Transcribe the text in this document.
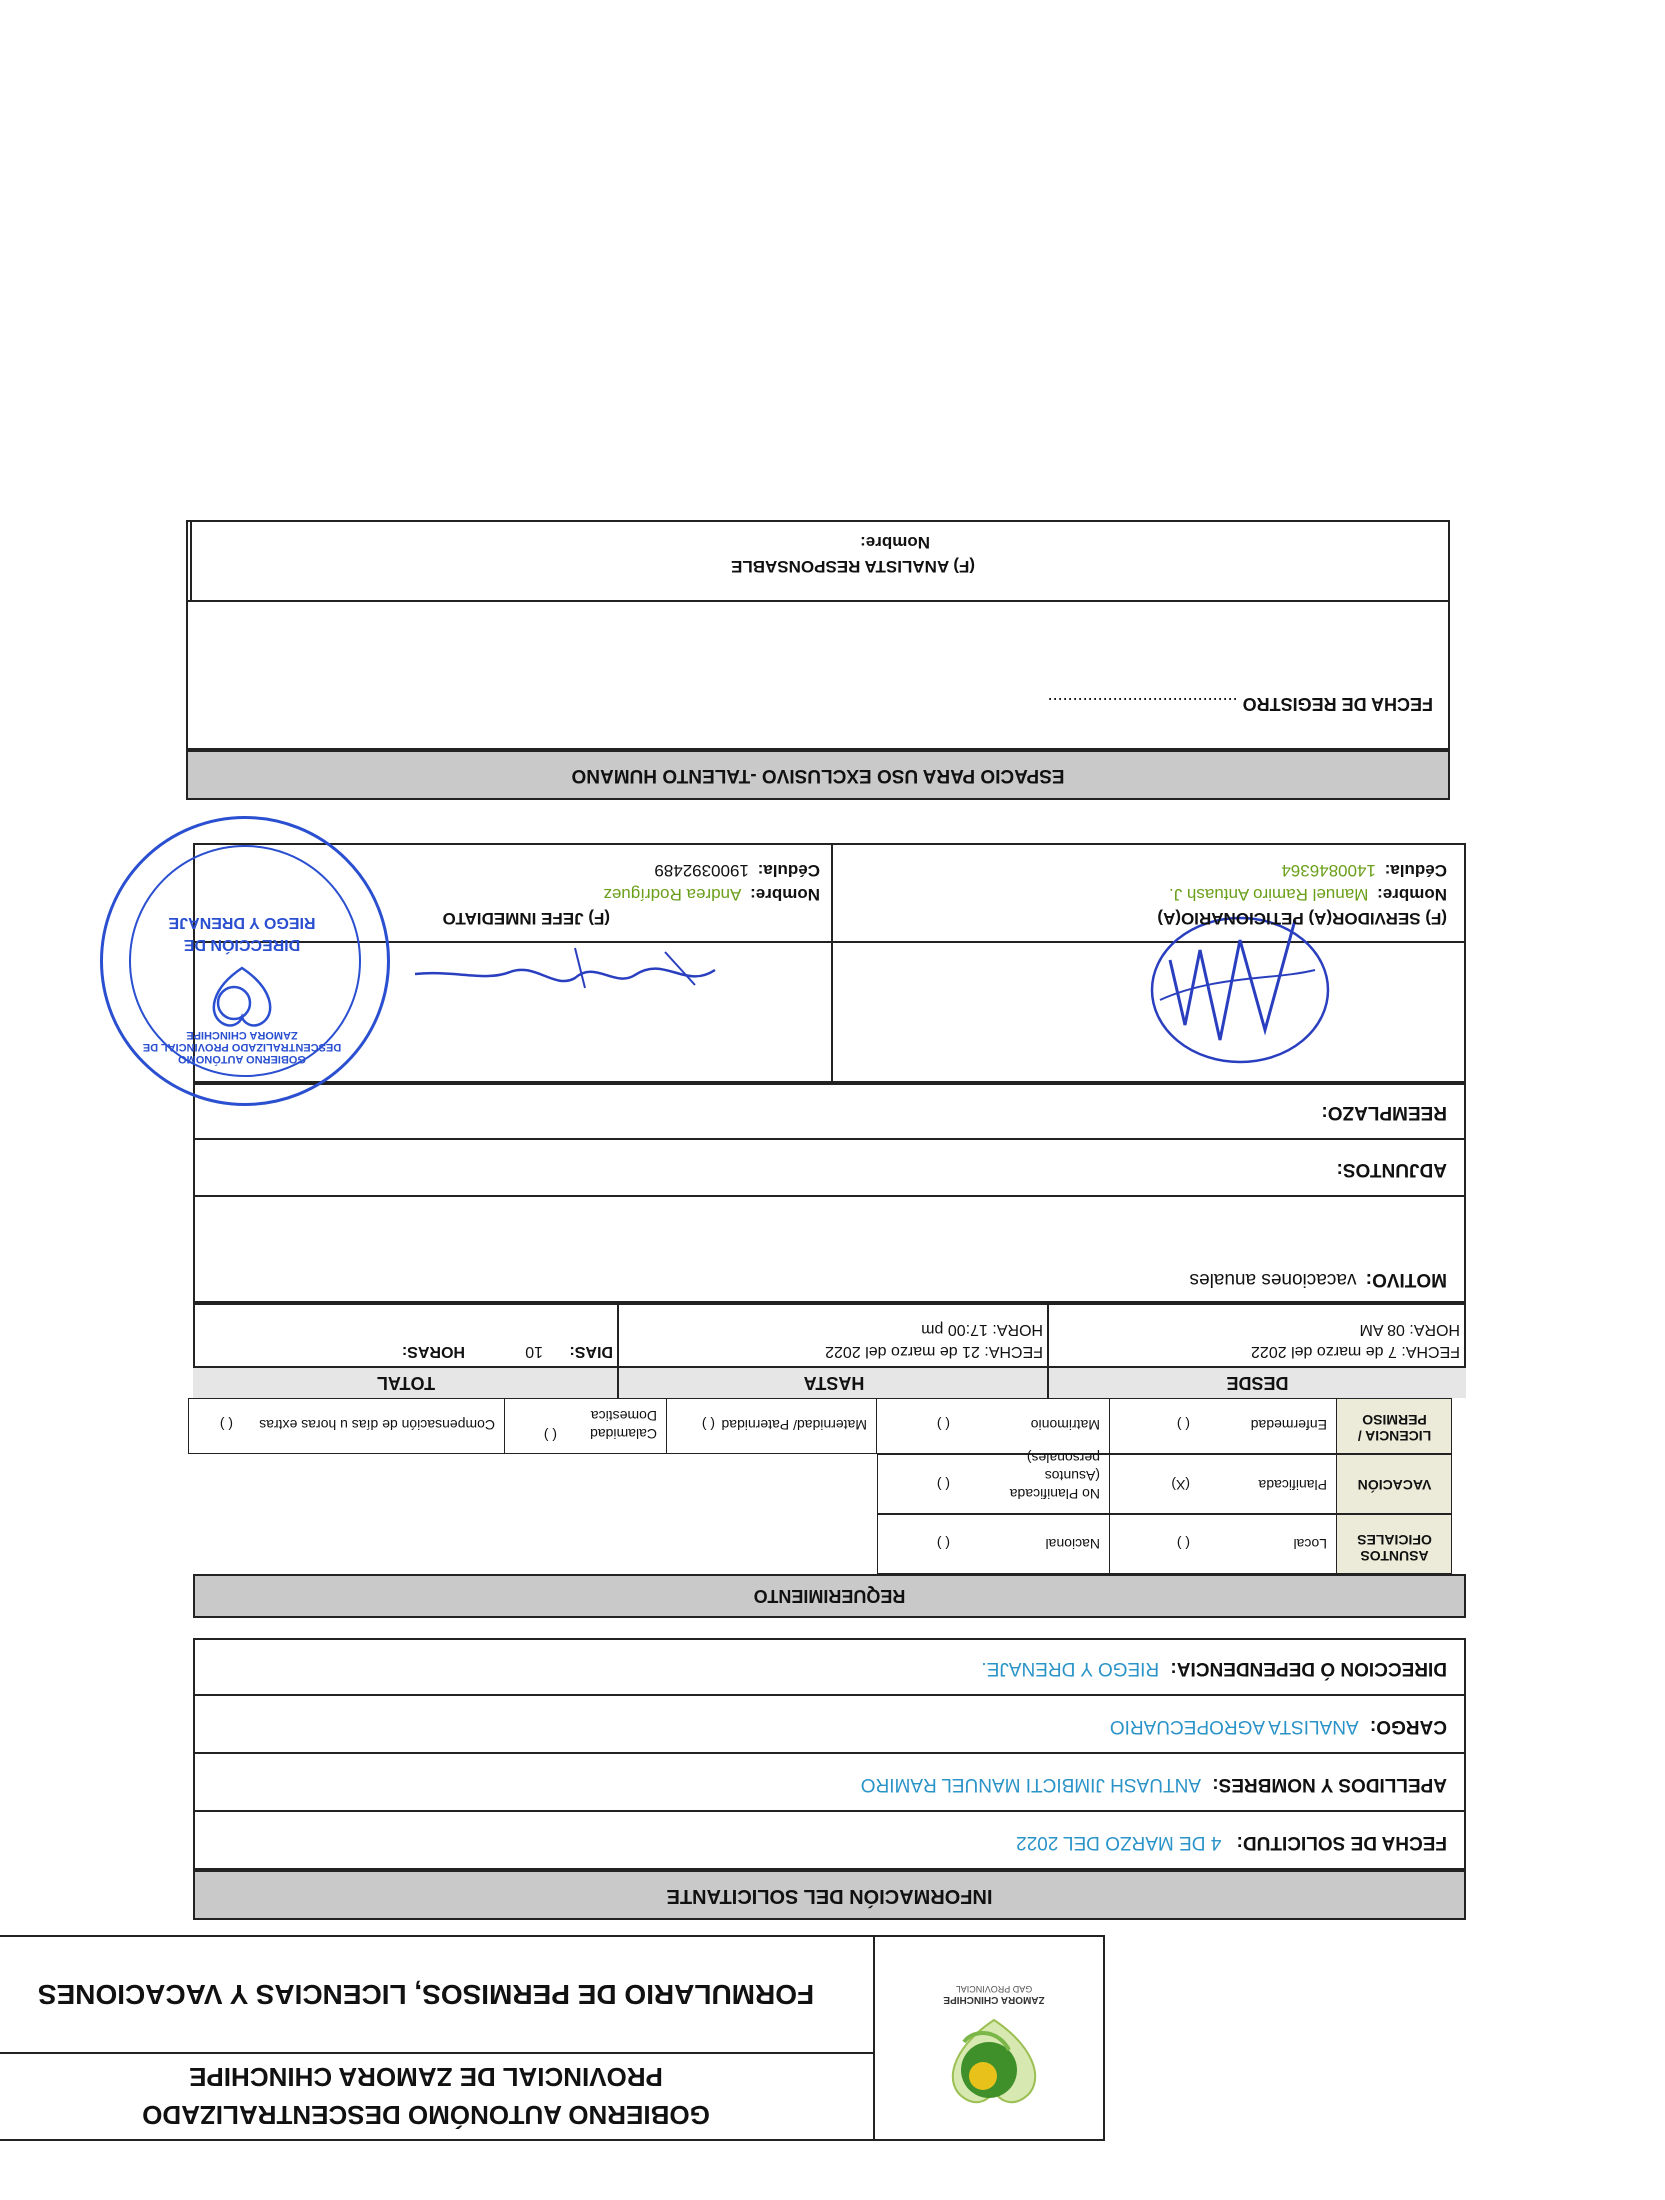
ZAMORA CHINCHIPE
GAD PROVINCIAL
GOBIERNO AUTONÓMO DESCENTRALIZADO
PROVINCIAL DE ZAMORA CHINCHIPE
FORMULARIO DE PERMISOS, LICENCIAS Y VACACIONES
INFORMACIÓN DEL SOLICITANTE
FECHA DE SOLICITUD: 4 DE MARZO DEL 2022
APELLIDOS Y NOMBRES: ANTUASH JIMBICTI MANUEL RAMIRO
CARGO: ANALISTA AGROPECUARIO
DIRECCION Ó DEPENDENCIA: RIEGO Y DRENAJE.
REQUERIMIENTO
ASUNTOS OFICIALES
Local
( )
Nacional
( )
VACACIÓN
Planificada
(X)
No Planificada (Asuntos personales)
( )
LICENCIA / PERMISO
Enfermedad
( )
Matrimonio
( )
Maternidad/ Paternidad
( )
Calamidad Domestica
( )
Compensación de días u horas extras
( )
DESDE
HASTA
TOTAL
FECHA: 7 de marzo del 2022
HORA: 08 AM
FECHA: 21 de marzo del 2022
HORA: 17:00 pm
DIAS:
10
HORAS:
MOTIVO: vacaciones anuales
ADJUNTOS:
REEMPLAZO:
(F) SERVIDOR(A) PETICIONARIO(A)
Nombre: Manuel Ramiro Antuash J.
Cédula: 1400846364
(F) JEFE INMEDIATO
Nombre: Andrea Rodríguez
Cédula: 1900392489
GOBIERNO AUTÓNOMO DESCENTRALIZADO PROVINCIAL DE ZAMORA CHINCHIPE
DIRECCIÓN DE
RIEGO Y DRENAJE
ESPACIO PARA USO EXCLUSIVO -TALENTO HUMANO
FECHA DE REGISTRO ......................................
(F) ANALISTA RESPONSABLE
Nombre:
